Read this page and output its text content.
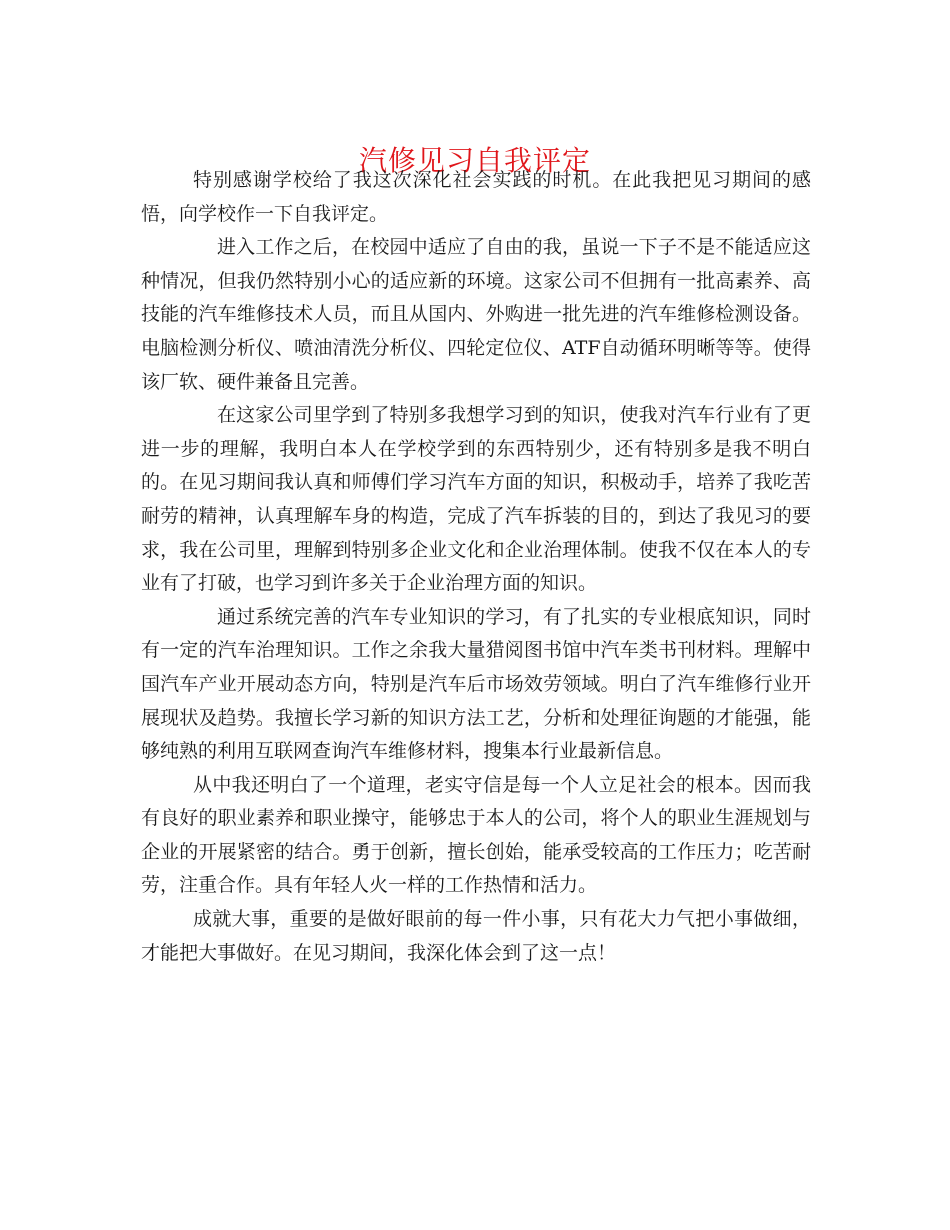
汽修见习自我评定

特别感谢学校给了我这次深化社会实践的时机。在此我把见习期间的感悟，向学校作一下自我评定。

进入工作之后，在校园中适应了自由的我，虽说一下子不是不能适应这种情况，但我仍然特别小心的适应新的环境。这家公司不但拥有一批高素养、高技能的汽车维修技术人员，而且从国内、外购进一批先进的汽车维修检测设备。电脑检测分析仪、喷油清洗分析仪、四轮定位仪、ATF自动循环明晰等等。使得该厂软、硬件兼备且完善。

在这家公司里学到了特别多我想学习到的知识，使我对汽车行业有了更进一步的理解，我明白本人在学校学到的东西特别少，还有特别多是我不明白的。在见习期间我认真和师傅们学习汽车方面的知识，积极动手，培养了我吃苦耐劳的精神，认真理解车身的构造，完成了汽车拆装的目的，到达了我见习的要求，我在公司里，理解到特别多企业文化和企业治理体制。使我不仅在本人的专业有了打破，也学习到许多关于企业治理方面的知识。

通过系统完善的汽车专业知识的学习，有了扎实的专业根底知识，同时有一定的汽车治理知识。工作之余我大量猎阅图书馆中汽车类书刊材料。理解中国汽车产业开展动态方向，特别是汽车后市场效劳领域。明白了汽车维修行业开展现状及趋势。我擅长学习新的知识方法工艺，分析和处理征询题的才能强，能够纯熟的利用互联网查询汽车维修材料，搜集本行业最新信息。

从中我还明白了一个道理，老实守信是每一个人立足社会的根本。因而我有良好的职业素养和职业操守，能够忠于本人的公司，将个人的职业生涯规划与企业的开展紧密的结合。勇于创新，擅长创始，能承受较高的工作压力；吃苦耐劳，注重合作。具有年轻人火一样的工作热情和活力。

成就大事，重要的是做好眼前的每一件小事，只有花大力气把小事做细，才能把大事做好。在见习期间，我深化体会到了这一点！
